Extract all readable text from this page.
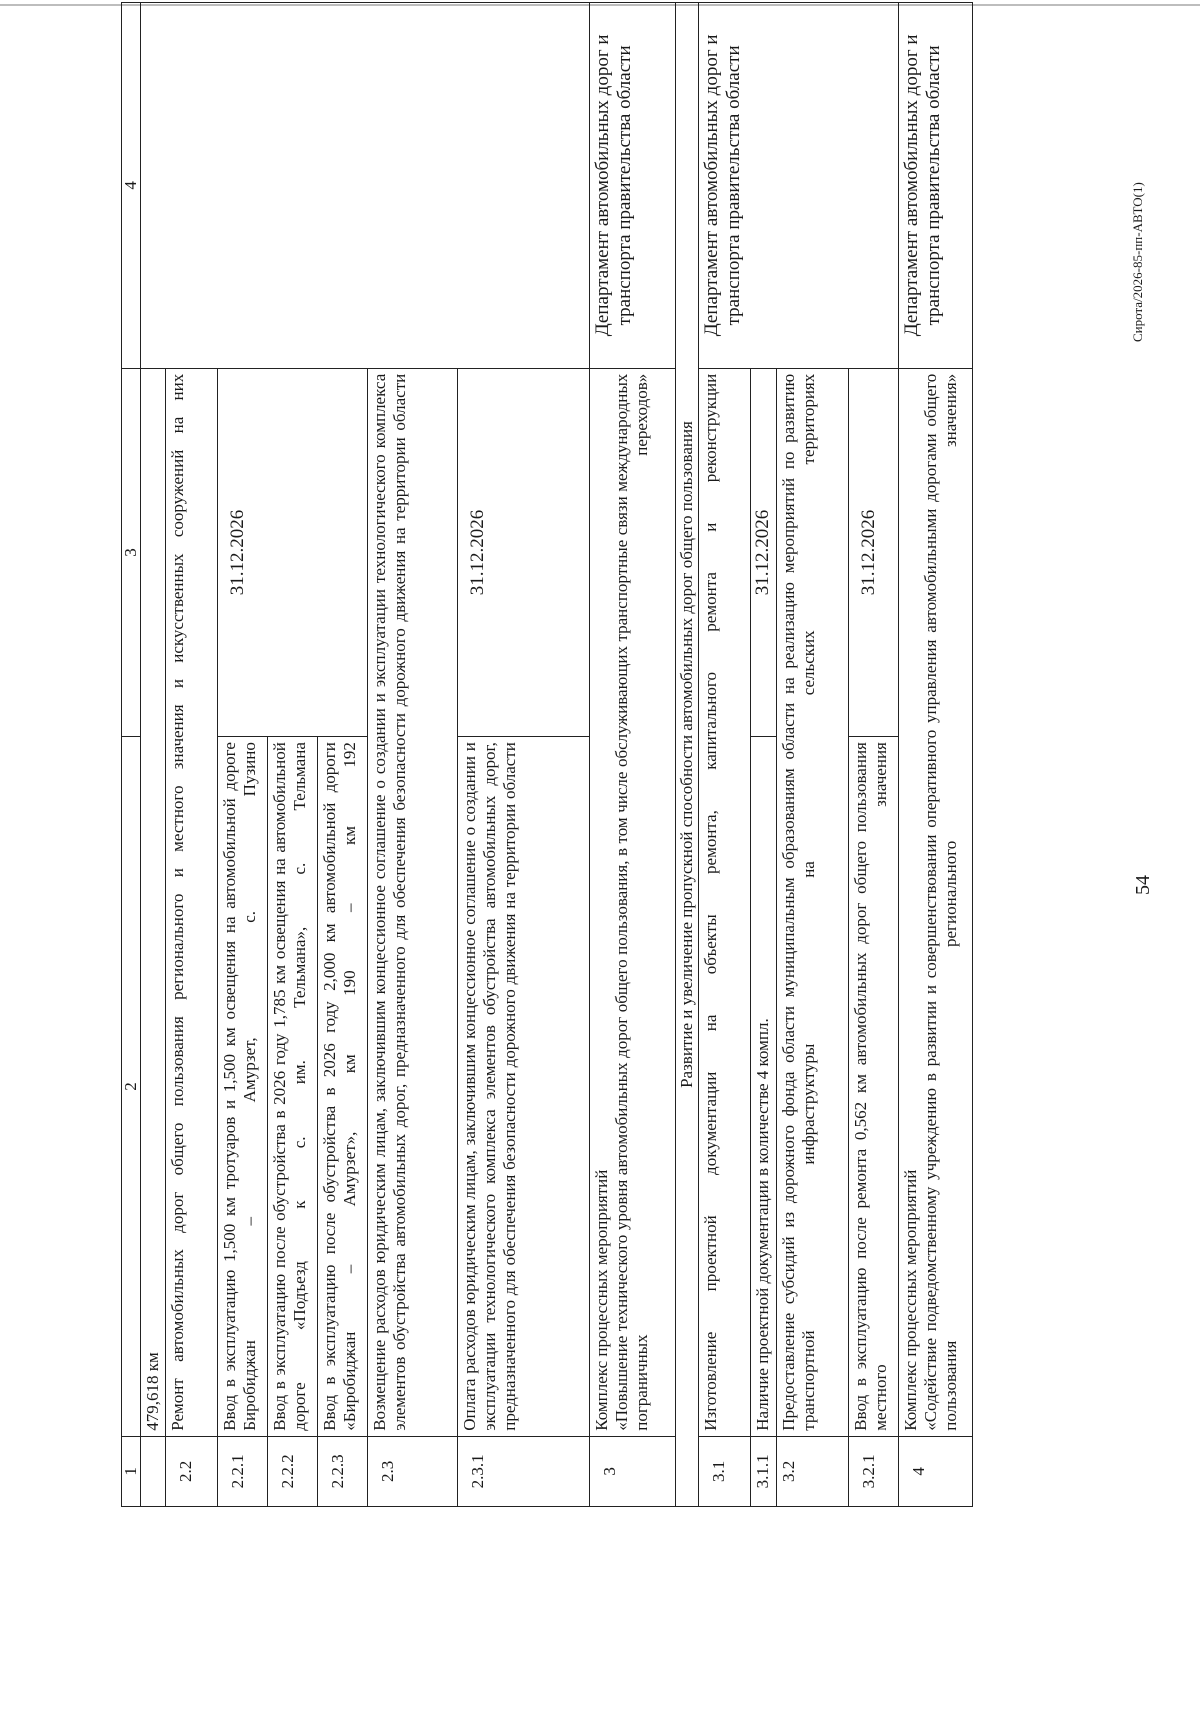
54
1	2	3	4
	479,618 км		
2.2	Ремонт автомобильных дорог общего пользования регионального и местного значения и искусственных сооружений на них		

2.2.1	Ввод в эксплуатацию 1,500 км тротуаров и 1,500 км освещения на автомобильной дороге Биробиджан – Амурзет, с. Пузино	31.12.2026	
2.2.2	Ввод в эксплуатацию после обустройства в 2026 году 1,785 км освещения на автомобильной дороге «Подъезд к с. им. Тельмана», с. Тельмана		

2.2.3	Ввод в эксплуатацию после обустройства в 2026 году 2,000 км автомобильной дороги «Биробиджан – Амурзет», км 190 – км 192		

2.3	Возмещение расходов юридическим лицам, заключившим концессионное соглашение о создании и эксплуатации технологического комплекса элементов обустройства автомобильных дорог, предназначенного для обеспечения безопасности дорожного движения на территории области		

2.3.1	Оплата расходов юридическим лицам, заключившим концессионное соглашение о создании и эксплуатации технологического комплекса элементов обустройства автомобильных дорог, предназначенного для обеспечения безопасности дорожного движения на территории области	31.12.2026	
3	Комплекс процессных мероприятий «Повышение технического уровня автомобильных дорог общего пользования, в том числе обслуживающих транспортные связи международных пограничных переходов»		Департамент автомобильных дорог и транспорта правительства области
Развитие и увеличение пропускной способности автомобильных дорог общего пользования			
3.1	Изготовление проектной документации на объекты ремонта, капитального ремонта и реконструкции		Департамент автомобильных дорог и транспорта правительства области
3.1.1	Наличие проектной документации в количестве 4 компл.	31.12.2026	
3.2	Предоставление субсидий из дорожного фонда области муниципальным образованиям области на реализацию мероприятий по развитию транспортной инфраструктуры на сельских территориях		

3.2.1	Ввод в эксплуатацию после ремонта 0,562 км автомобильных дорог общего пользования местного значения	31.12.2026	
4	Комплекс процессных мероприятий «Содействие подведомственному учреждению в развитии и совершенствовании оперативного управления автомобильными дорогами общего пользования регионального значения»		Департамент автомобильных дорог и транспорта правительства области	Сирота/2026-85-пп-АВТО(1)
